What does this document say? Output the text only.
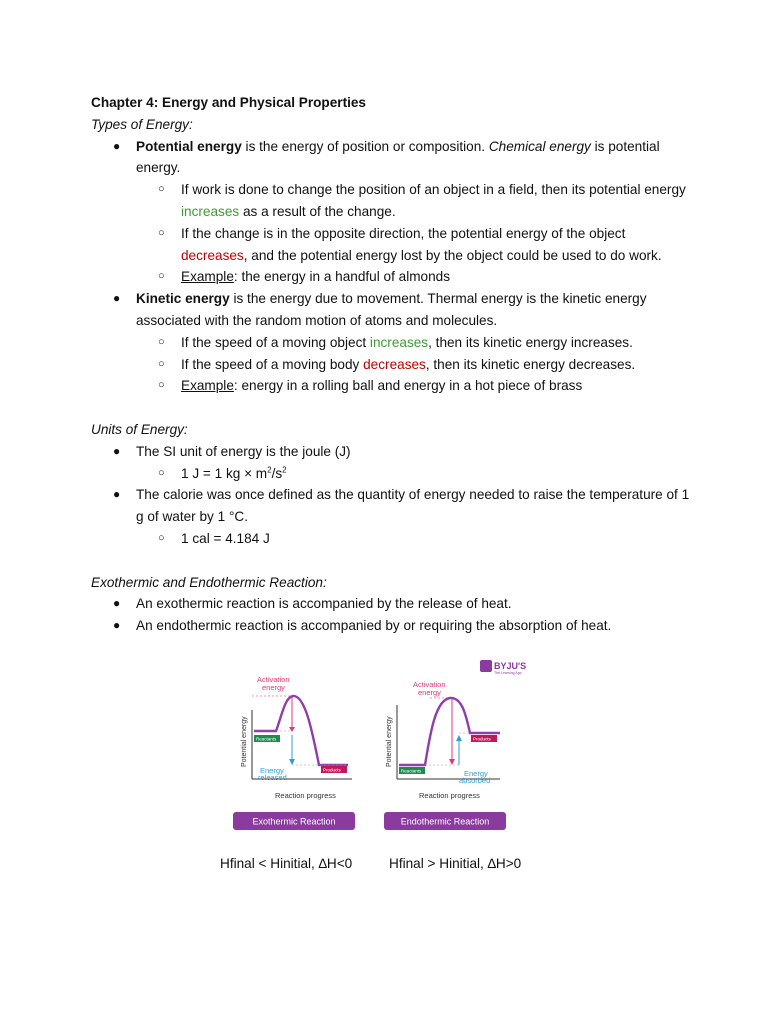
Chapter 4: Energy and Physical Properties
Types of Energy:
● Potential energy is the energy of position or composition. Chemical energy is potential energy.
○ If work is done to change the position of an object in a field, then its potential energy increases as a result of the change.
○ If the change is in the opposite direction, the potential energy of the object decreases, and the potential energy lost by the object could be used to do work.
○ Example: the energy in a handful of almonds
● Kinetic energy is the energy due to movement. Thermal energy is the kinetic energy associated with the random motion of atoms and molecules.
○ If the speed of a moving object increases, then its kinetic energy increases.
○ If the speed of a moving body decreases, then its kinetic energy decreases.
○ Example: energy in a rolling ball and energy in a hot piece of brass
Units of Energy:
● The SI unit of energy is the joule (J)
○ 1 J = 1 kg × $m^2/s^2$
● The calorie was once defined as the quantity of energy needed to raise the temperature of 1 g of water by 1 °C.
○ 1 cal = 4.184 J
Exothermic and Endothermic Reaction:
● An exothermic reaction is accompanied by the release of heat.
● An endothermic reaction is accompanied by or requiring the absorption of heat.
BYJU'S
The Learning App
Potential energy
Reaction progress
Activation
energy
Reactants
Products
Energy
released
Exothermic Reaction
Potential energy
Reaction progress
Activation
energy
Reactants
Products
Energy
absorbed
Endothermic Reaction
Hfinal < Hinitial, ∆H<0	Hfinal > Hinitial, ∆H>0
